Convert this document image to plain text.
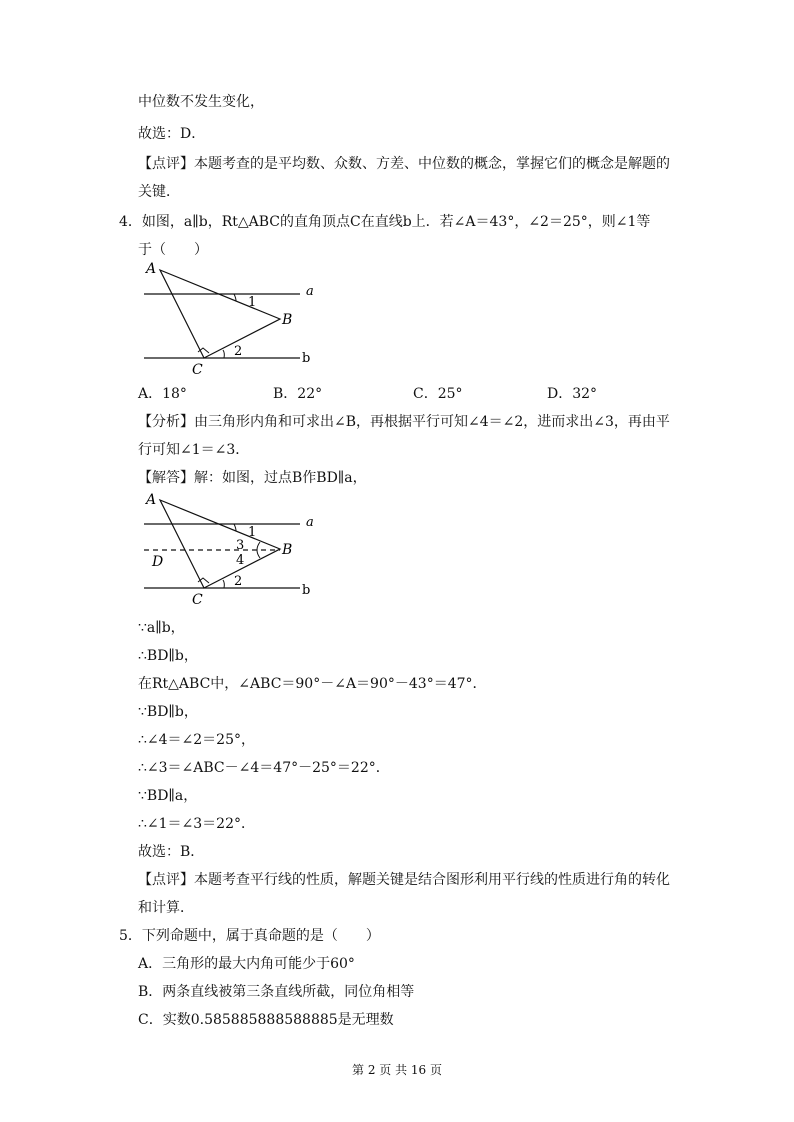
中位数不发生变化，
故选：D．
【点评】本题考查的是平均数、众数、方差、中位数的概念，掌握它们的概念是解题的
关键．
4．如图，a∥b，Rt△ABC的直角顶点C在直线b上．若∠A＝43°，∠2＝25°，则∠1等
于（　　）
A
B
C
a
b
1
2
A．18°	B．22°	C．25°	D．32°
【分析】由三角形内角和可求出∠B，再根据平行可知∠4＝∠2，进而求出∠3，再由平
行可知∠1＝∠3．
【解答】解：如图，过点B作BD∥a，
A
B
C
D
a
b
1
3
4
2
∵a∥b，
∴BD∥b，
在Rt△ABC中，∠ABC＝90°－∠A＝90°－43°＝47°．
∵BD∥b，
∴∠4＝∠2＝25°，
∴∠3＝∠ABC－∠4＝47°－25°＝22°．
∵BD∥a，
∴∠1＝∠3＝22°．
故选：B．
【点评】本题考查平行线的性质，解题关键是结合图形利用平行线的性质进行角的转化
和计算．
5．下列命题中，属于真命题的是（　　）
A．三角形的最大内角可能少于60°
B．两条直线被第三条直线所截，同位角相等
C．实数0.585885888588885是无理数
第 2 页 共 16 页
